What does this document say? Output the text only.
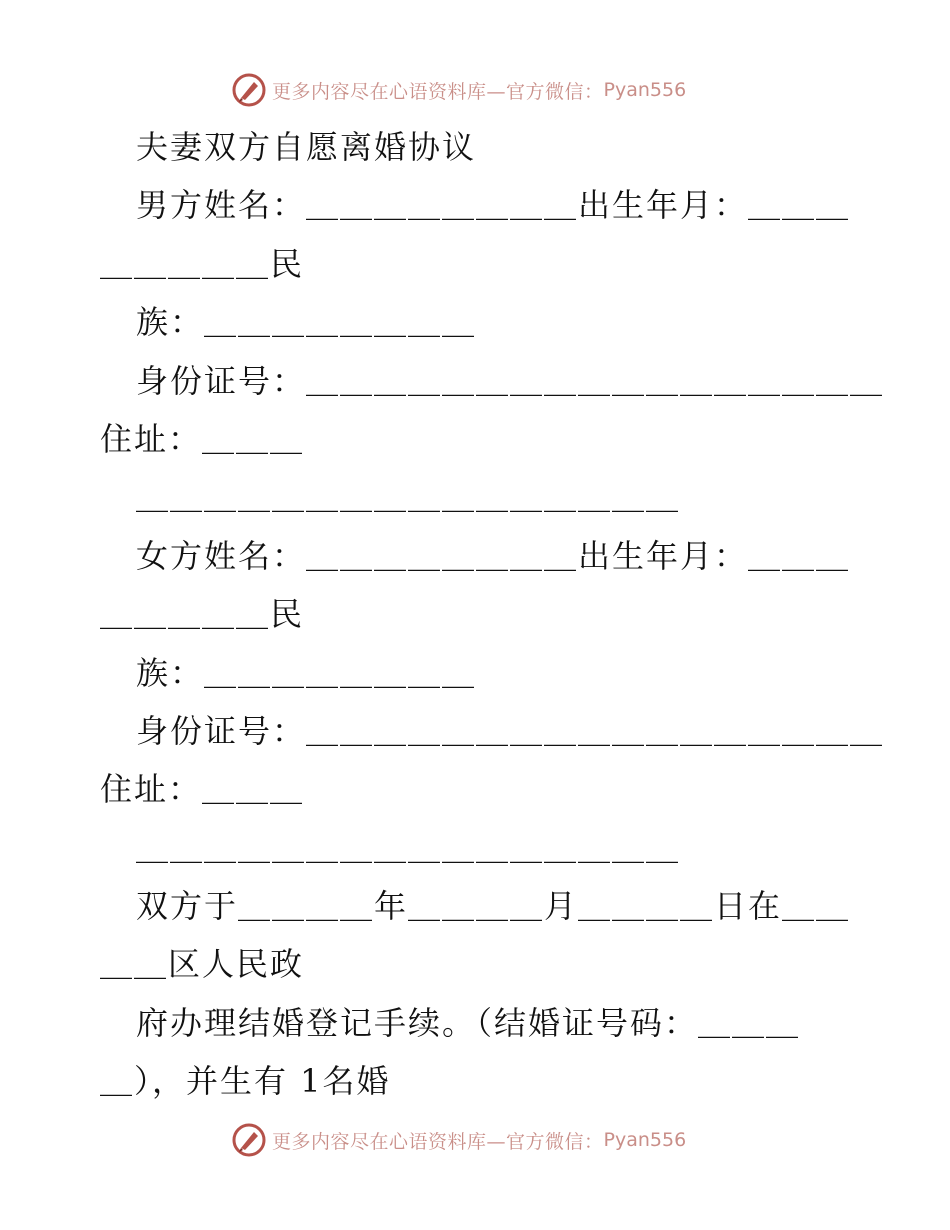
更多内容尽在心语资料库—官方微信： Pyan556
夫妻双方自愿离婚协议
男方姓名：＿＿＿＿＿＿＿＿出生年月：＿＿＿
＿＿＿＿＿民
族：＿＿＿＿＿＿＿＿
身份证号：＿＿＿＿＿＿＿＿＿＿＿＿＿＿＿＿＿
住址：＿＿＿
＿＿＿＿＿＿＿＿＿＿＿＿＿＿＿＿
女方姓名：＿＿＿＿＿＿＿＿出生年月：＿＿＿
＿＿＿＿＿民
族：＿＿＿＿＿＿＿＿
身份证号：＿＿＿＿＿＿＿＿＿＿＿＿＿＿＿＿＿
住址：＿＿＿
＿＿＿＿＿＿＿＿＿＿＿＿＿＿＿＿
双方于＿＿＿＿年＿＿＿＿月＿＿＿＿日在＿＿
＿＿区人民政
府办理结婚登记手续。（结婚证号码：＿＿＿
＿），并生有 1名婚
更多内容尽在心语资料库—官方微信： Pyan556
